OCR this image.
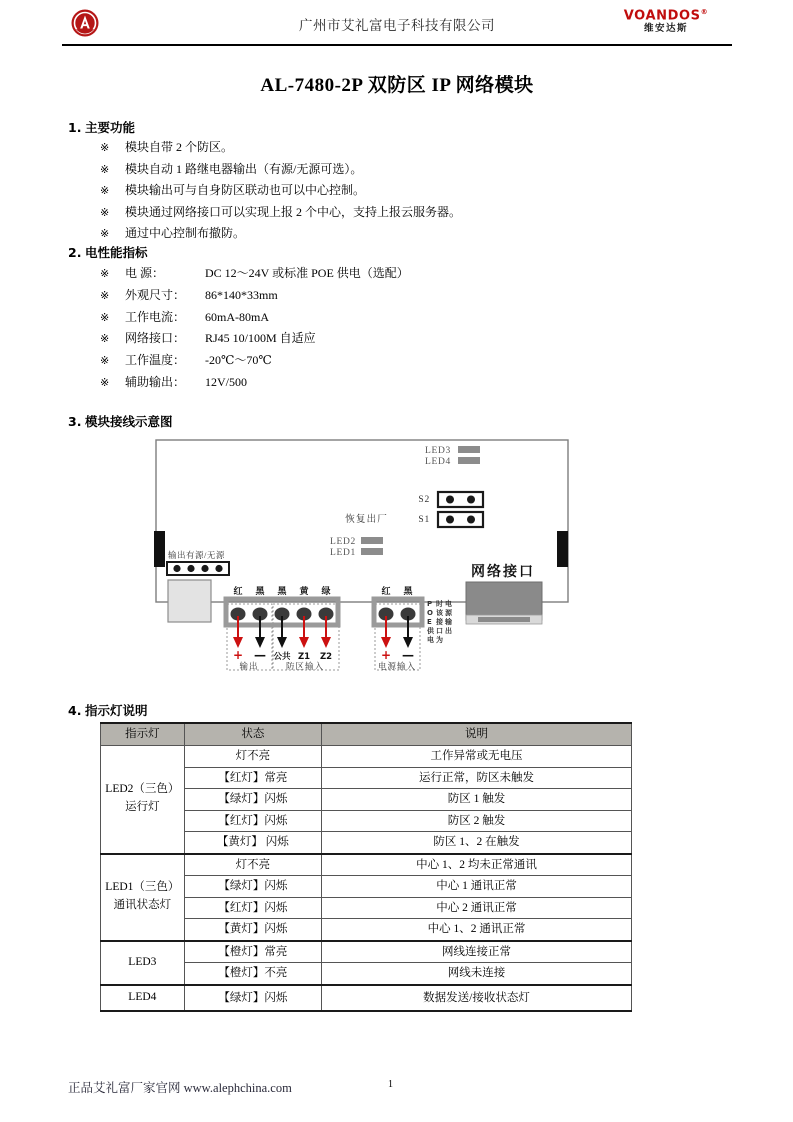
广州市艾礼富电子科技有限公司
VOANDOS®
维安达斯
AL-7480-2P 双防区 IP 网络模块
1. 主要功能
※	模块自带 2 个防区。
※	模块自动 1 路继电器输出（有源/无源可选）。
※	模块输出可与自身防区联动也可以中心控制。
※	模块通过网络接口可以实现上报 2 个中心，支持上报云服务器。
※	通过中心控制布撤防。
2. 电性能指标
※	电 源：	DC 12～24V 或标准 POE 供电（选配）
※	外观尺寸：	86*140*33mm
※	工作电流：	60mA-80mA
※	网络接口：	RJ45 10/100M 自适应
※	工作温度：	-20℃～70℃
※	辅助输出：	12V/500
3. 模块接线示意图
LED3
LED4
S2
恢复出厂	S1
LED2
LED1
输出有源/无源
红 黑 黑 黄 绿
+ — 公共 Z1 Z2
输出	防区输入
红 黑
+ —
电源输入
P
O
E
供
电
时
该
接
口
为
电
源
输
出
网络接口
4. 指示灯说明
指示灯	状态	说明

LED2（三色）
运行灯	灯不亮	工作异常或无电压
	【红灯】常亮	运行正常，防区未触发
	【绿灯】闪烁	防区 1 触发
	【红灯】闪烁	防区 2 触发
	【黄灯】 闪烁	防区 1、2 在触发

LED1（三色）
通讯状态灯	灯不亮	中心 1、2 均未正常通讯
	【绿灯】闪烁	中心 1 通讯正常
	【红灯】闪烁	中心 2 通讯正常
	【黄灯】闪烁	中心 1、2 通讯正常

LED3	【橙灯】常亮	网线连接正常
	【橙灯】不亮	网线未连接

LED4	【绿灯】闪烁	数据发送/接收状态灯
正品艾礼富厂家官网 www.alephchina.com	1
